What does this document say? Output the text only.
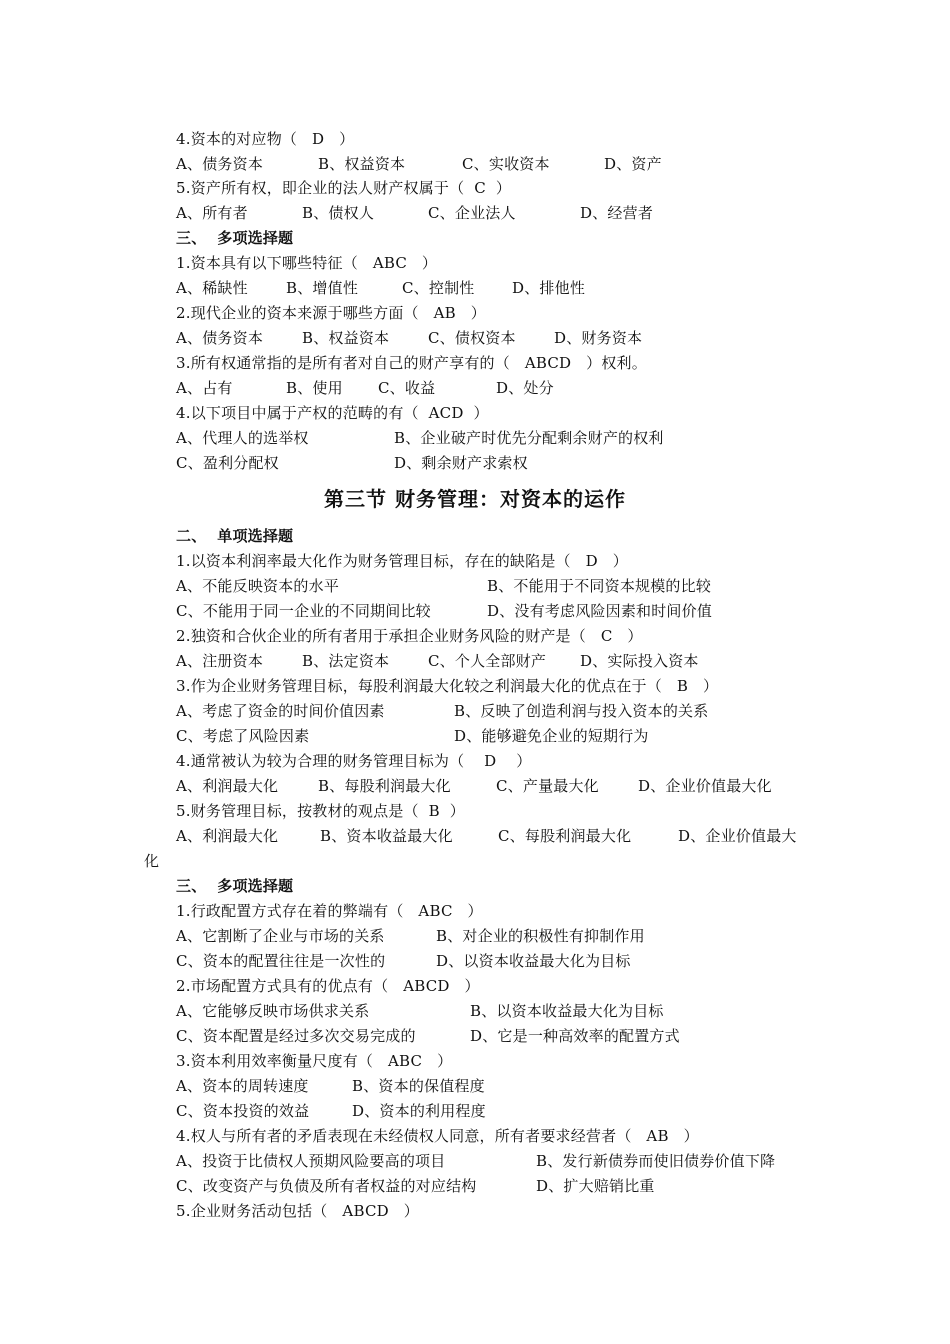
4.资本的对应物（   D   ）
A、债务资本	B、权益资本	C、实收资本	D、资产
5.资产所有权，即企业的法人财产权属于（  C  ）
A、所有者	B、债权人	C、企业法人	D、经营者
三、  多项选择题
1.资本具有以下哪些特征（   ABC   ）
A、稀缺性	B、增值性	C、控制性	D、排他性
2.现代企业的资本来源于哪些方面（   AB   ）
A、债务资本	B、权益资本	C、债权资本	D、财务资本
3.所有权通常指的是所有者对自己的财产享有的（   ABCD   ）权利。
A、占有	B、使用 C、收益	D、处分
4.以下项目中属于产权的范畴的有（  ACD  ）
A、代理人的选举权	B、企业破产时优先分配剩余财产的权利
C、盈利分配权	D、剩余财产求索权
第三节 财务管理：对资本的运作
二、  单项选择题
1.以资本利润率最大化作为财务管理目标，存在的缺陷是（   D   ）
A、不能反映资本的水平	B、不能用于不同资本规模的比较
C、不能用于同一企业的不同期间比较	D、没有考虑风险因素和时间价值
2.独资和合伙企业的所有者用于承担企业财务风险的财产是（   C   ）
A、注册资本	B、法定资本	C、个人全部财产 D、实际投入资本
3.作为企业财务管理目标，每股利润最大化较之利润最大化的优点在于（   B   ）
A、考虑了资金的时间价值因素	B、反映了创造利润与投入资本的关系
C、考虑了风险因素	D、能够避免企业的短期行为
4.通常被认为较为合理的财务管理目标为（    D    ）
A、利润最大化	B、每股利润最大化	C、产量最大化	D、企业价值最大化
5.财务管理目标，按教材的观点是（  B  ）
A、利润最大化	B、资本收益最大化	C、每股利润最大化	D、企业价值最大
化
三、  多项选择题
1.行政配置方式存在着的弊端有（   ABC   ）
A、它割断了企业与市场的关系	B、对企业的积极性有抑制作用
C、资本的配置往往是一次性的	D、以资本收益最大化为目标
2.市场配置方式具有的优点有（   ABCD   ）
A、它能够反映市场供求关系	B、以资本收益最大化为目标
C、资本配置是经过多次交易完成的	D、它是一种高效率的配置方式
3.资本利用效率衡量尺度有（   ABC   ）
A、资本的周转速度	B、资本的保值程度
C、资本投资的效益	D、资本的利用程度
4.权人与所有者的矛盾表现在未经债权人同意，所有者要求经营者（   AB   ）
A、投资于比债权人预期风险要高的项目	B、发行新债券而使旧债券价值下降
C、改变资产与负债及所有者权益的对应结构	D、扩大赔销比重
5.企业财务活动包括（   ABCD   ）
